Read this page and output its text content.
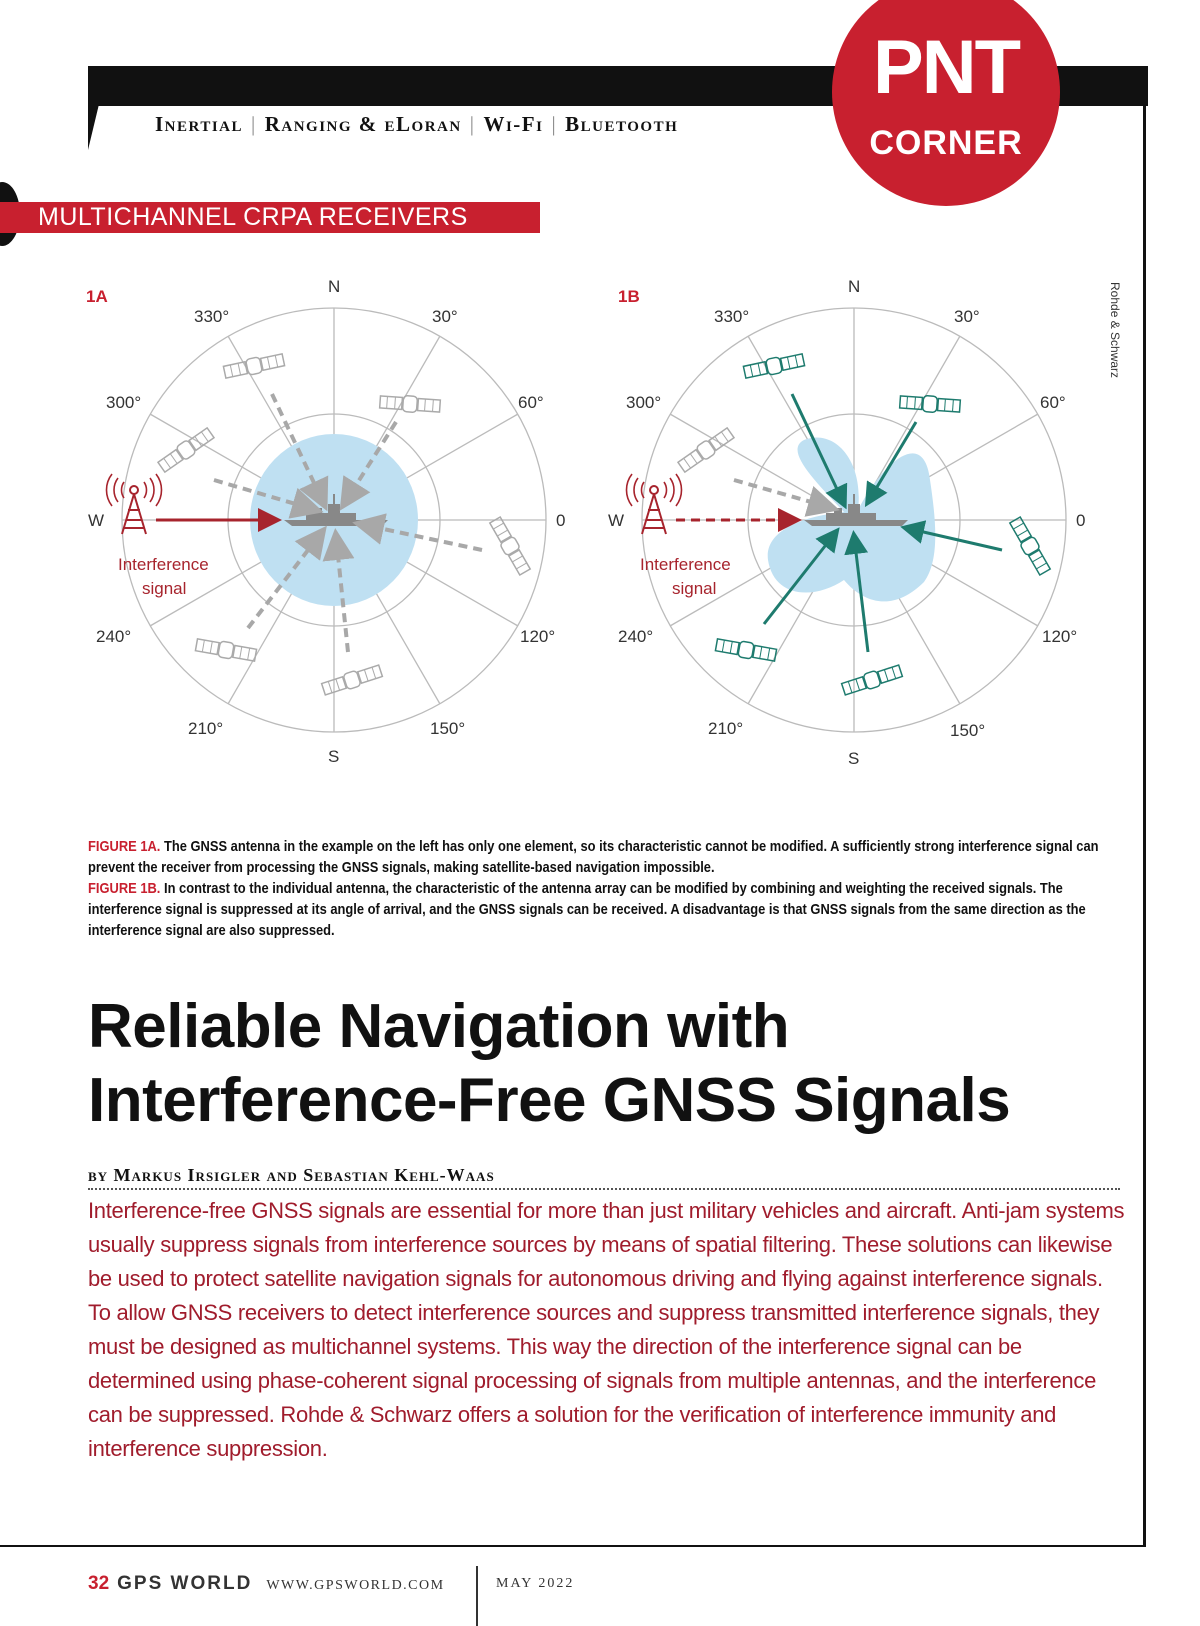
Inertial | Ranging & eLoran | Wi-Fi | Bluetooth
PNT
CORNER
MULTICHANNEL CRPA RECEIVERS
Rohde & Schwarz
1A
N
S
W	0
330°	30°
300°	60°
240°	120°
210°	150°
Interference
signal
1B
N
S
W	0
330°	30°
300°	60°
240°	120°
210°	150°
Interference
signal
FIGURE 1A. The GNSS antenna in the example on the left has only one element, so its characteristic cannot be modified. A sufficiently strong interference signal can prevent the receiver from processing the GNSS signals, making satellite-based navigation impossible.
FIGURE 1B. In contrast to the individual antenna, the characteristic of the antenna array can be modified by combining and weighting the received signals. The interference signal is suppressed at its angle of arrival, and the GNSS signals can be received. A disadvantage is that GNSS signals from the same direction as the interference signal are also suppressed.
Reliable Navigation with
Interference-Free GNSS Signals
by Markus Irsigler and Sebastian Kehl-Waas
Interference-free GNSS signals are essential for more than just military vehicles and aircraft. Anti-jam systems usually suppress signals from interference sources by means of spatial filtering. These solutions can likewise be used to protect satellite navigation signals for autonomous driving and flying against interference signals. To allow GNSS receivers to detect interference sources and suppress transmitted interference signals, they must be designed as multichannel systems. This way the direction of the interference signal can be determined using phase-coherent signal processing of signals from multiple antennas, and the interference can be suppressed. Rohde & Schwarz offers a solution for the verification of interference immunity and interference suppression.
32 GPS WORLD WWW.GPSWORLD.COM	MAY 2022
